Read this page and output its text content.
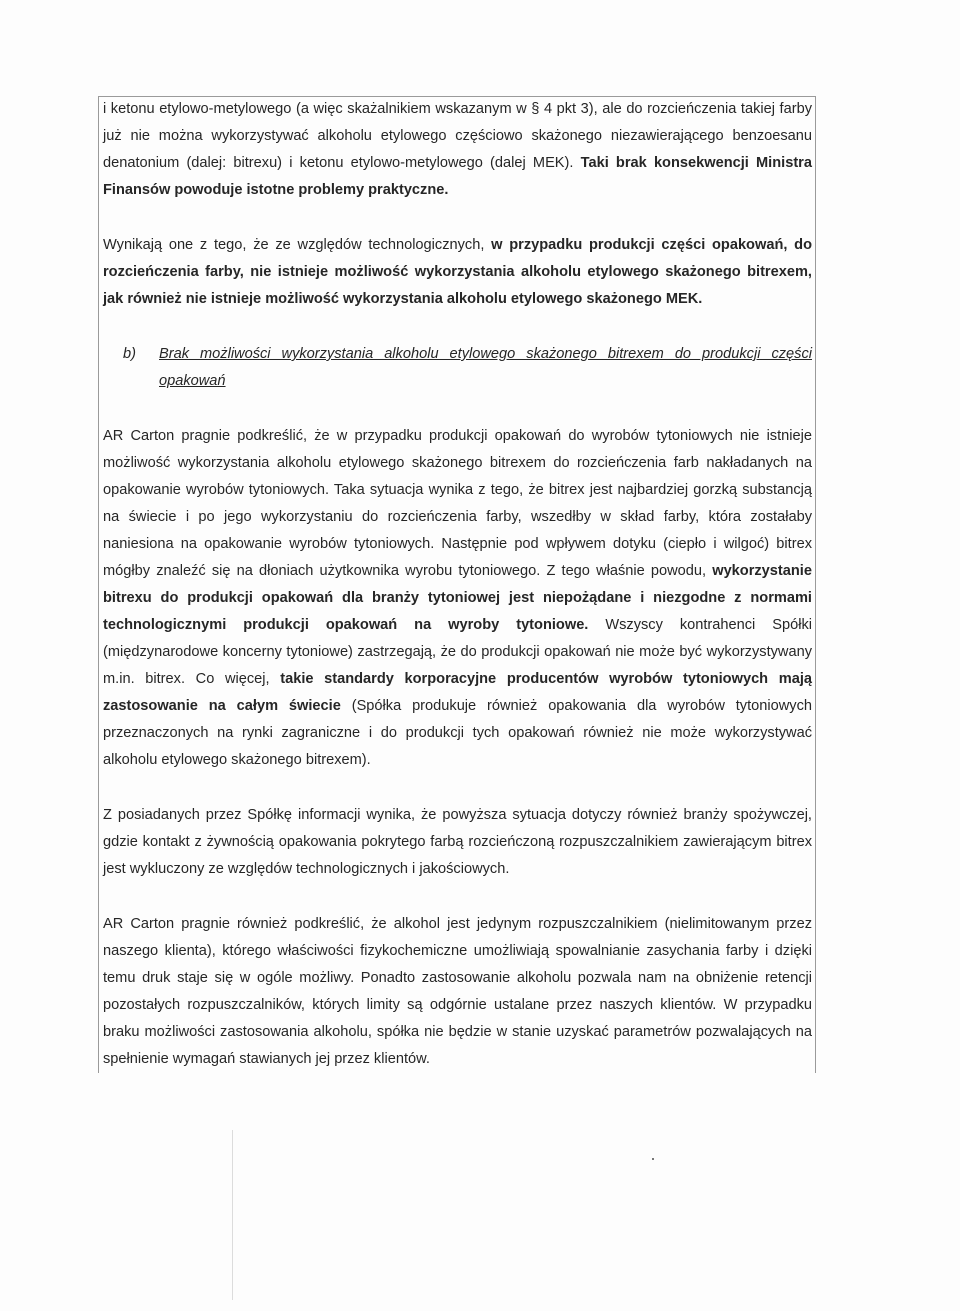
i ketonu etylowo-metylowego (a więc skażalnikiem wskazanym w § 4 pkt 3), ale do rozcieńczenia takiej farby już nie można wykorzystywać alkoholu etylowego częściowo skażonego niezawierającego benzoesanu denatonium (dalej: bitrexu) i ketonu etylowo-metylowego (dalej MEK). Taki brak konsekwencji Ministra Finansów powoduje istotne problemy praktyczne.

Wynikają one z tego, że ze względów technologicznych, w przypadku produkcji części opakowań, do rozcieńczenia farby, nie istnieje możliwość wykorzystania alkoholu etylowego skażonego bitrexem, jak również nie istnieje możliwość wykorzystania alkoholu etylowego skażonego MEK.

b)	Brak możliwości wykorzystania alkoholu etylowego skażonego bitrexem do produkcji części opakowań

AR Carton pragnie podkreślić, że w przypadku produkcji opakowań do wyrobów tytoniowych nie istnieje możliwość wykorzystania alkoholu etylowego skażonego bitrexem do rozcieńczenia farb nakładanych na opakowanie wyrobów tytoniowych. Taka sytuacja wynika z tego, że bitrex jest najbardziej gorzką substancją na świecie i po jego wykorzystaniu do rozcieńczenia farby, wszedłby w skład farby, która zostałaby naniesiona na opakowanie wyrobów tytoniowych. Następnie pod wpływem dotyku (ciepło i wilgoć) bitrex mógłby znaleźć się na dłoniach użytkownika wyrobu tytoniowego. Z tego właśnie powodu, wykorzystanie bitrexu do produkcji opakowań dla branży tytoniowej jest niepożądane i niezgodne z normami technologicznymi produkcji opakowań na wyroby tytoniowe. Wszyscy kontrahenci Spółki (międzynarodowe koncerny tytoniowe) zastrzegają, że do produkcji opakowań nie może być wykorzystywany m.in. bitrex. Co więcej, takie standardy korporacyjne producentów wyrobów tytoniowych mają zastosowanie na całym świecie (Spółka produkuje również opakowania dla wyrobów tytoniowych przeznaczonych na rynki zagraniczne i do produkcji tych opakowań również nie może wykorzystywać alkoholu etylowego skażonego bitrexem).

Z posiadanych przez Spółkę informacji wynika, że powyższa sytuacja dotyczy również branży spożywczej, gdzie kontakt z żywnością opakowania pokrytego farbą rozcieńczoną rozpuszczalnikiem zawierającym bitrex jest wykluczony ze względów technologicznych i jakościowych.

AR Carton pragnie również podkreślić, że alkohol jest jedynym rozpuszczalnikiem (nielimitowanym przez naszego klienta), którego właściwości fizykochemiczne umożliwiają spowalnianie zasychania farby i dzięki temu druk staje się w ogóle możliwy. Ponadto zastosowanie alkoholu pozwala nam na obniżenie retencji pozostałych rozpuszczalników, których limity są odgórnie ustalane przez naszych klientów. W przypadku braku możliwości zastosowania alkoholu, spółka nie będzie w stanie uzyskać parametrów pozwalających na spełnienie wymagań stawianych jej przez klientów.
